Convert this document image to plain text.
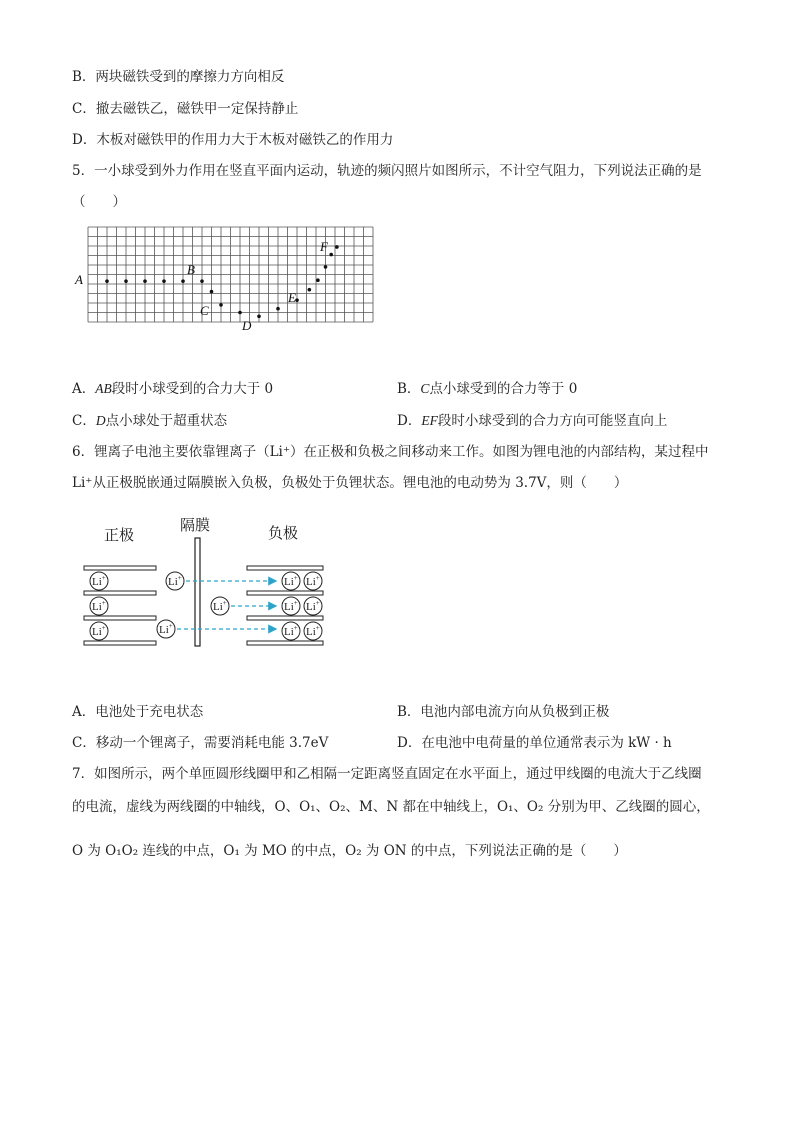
B．两块磁铁受到的摩擦力方向相反
C．撤去磁铁乙，磁铁甲一定保持静止
D．木板对磁铁甲的作用力大于木板对磁铁乙的作用力
5．一小球受到外力作用在竖直平面内运动，轨迹的频闪照片如图所示，不计空气阻力，下列说法正确的是
（　　）
A
B
C
D
E
F
A．AB段时小球受到的合力大于 0	B．C点小球受到的合力等于 0
C．D点小球处于超重状态	D．EF段时小球受到的合力方向可能竖直向上
6．锂离子电池主要依靠锂离子（Li⁺）在正极和负极之间移动来工作。如图为锂电池的内部结构，某过程中
Li⁺从正极脱嵌通过隔膜嵌入负极，负极处于负锂状态。锂电池的电动势为 3.7V，则（　　）
正极
隔膜	负极
Li+	Li+ Li+
Li+	Li+ Li+
Li+	Li+ Li+
Li+
Li+
Li+
A．电池处于充电状态	B．电池内部电流方向从负极到正极
C．移动一个锂离子，需要消耗电能 3.7eV	D．在电池中电荷量的单位通常表示为 kW · h
7．如图所示，两个单匝圆形线圈甲和乙相隔一定距离竖直固定在水平面上，通过甲线圈的电流大于乙线圈
的电流，虚线为两线圈的中轴线，O、O₁、O₂、M、N 都在中轴线上，O₁、O₂ 分别为甲、乙线圈的圆心，
O 为 O₁O₂ 连线的中点，O₁ 为 MO 的中点，O₂ 为 ON 的中点，下列说法正确的是（　　）
